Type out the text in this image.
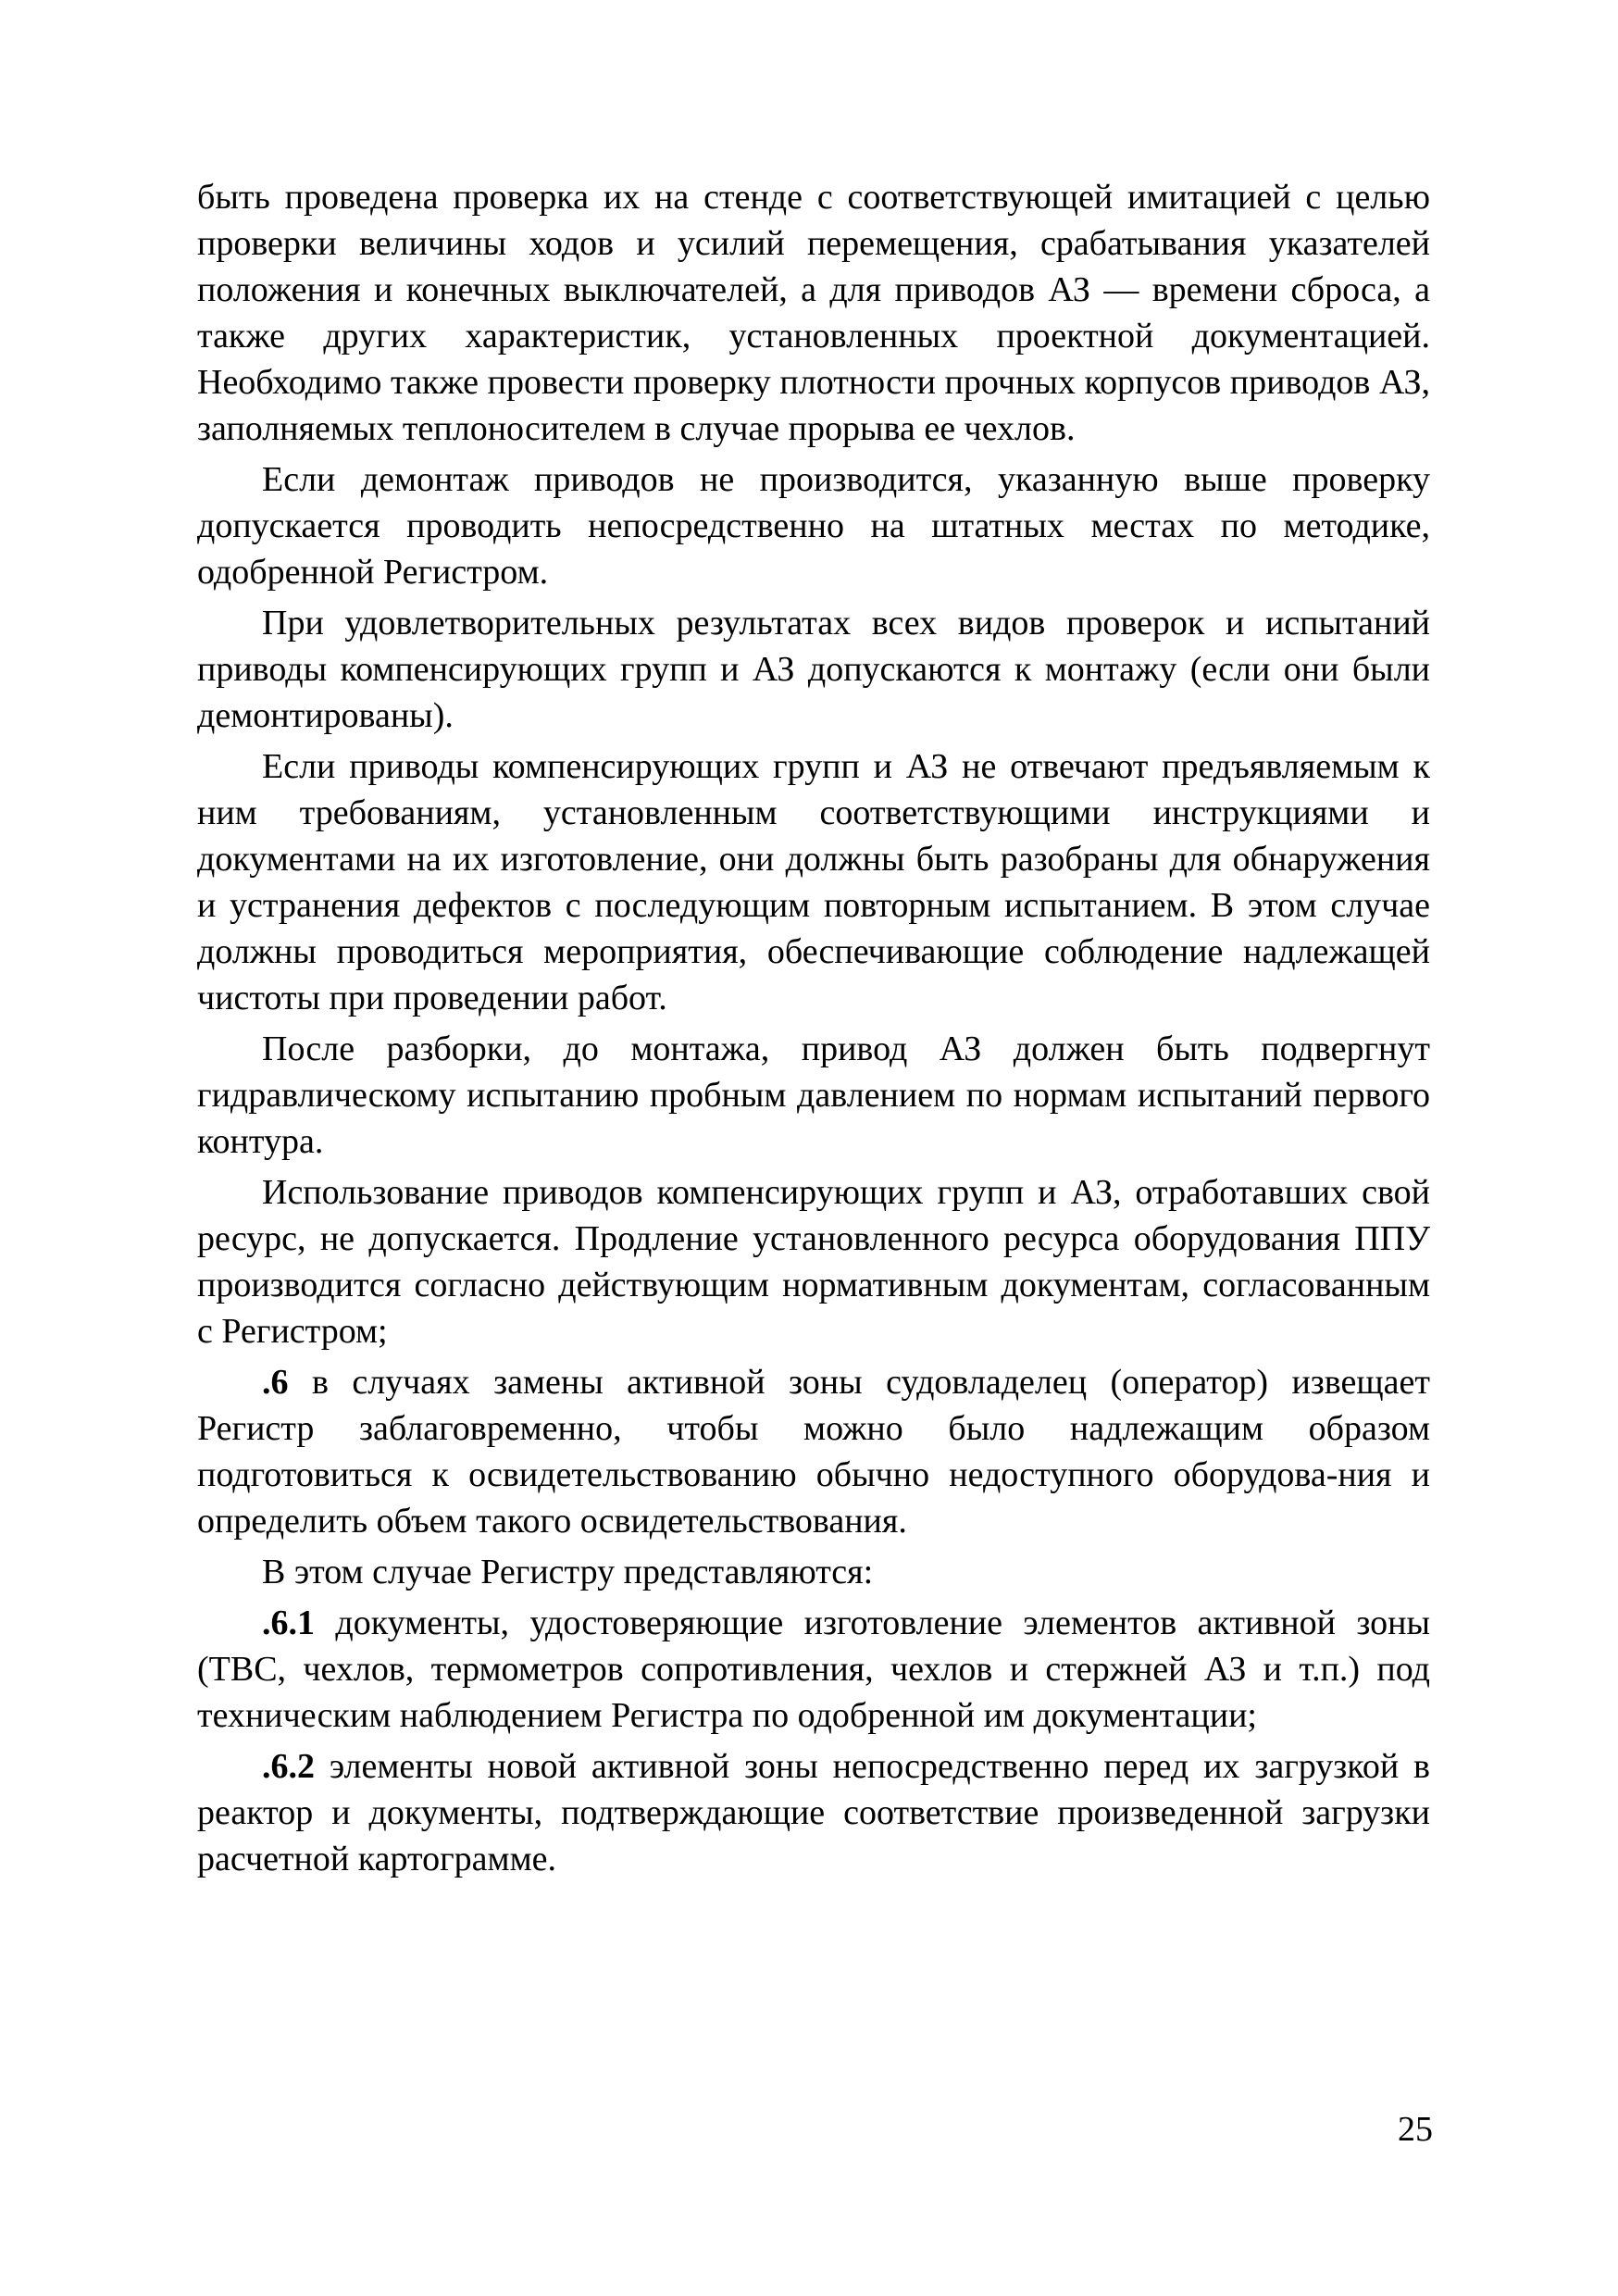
быть проведена проверка их на стенде с соответствующей имитацией с целью проверки величины ходов и усилий перемещения, срабатывания указателей положения и конечных выключателей, а для приводов АЗ — времени сброса, а также других характеристик, установленных проектной документацией. Необходимо также провести проверку плотности прочных корпусов приводов АЗ, заполняемых теплоносителем в случае прорыва ее чехлов.

Если демонтаж приводов не производится, указанную выше проверку допускается проводить непосредственно на штатных местах по методике, одобренной Регистром.

При удовлетворительных результатах всех видов проверок и испытаний приводы компенсирующих групп и АЗ допускаются к монтажу (если они были демонтированы).

Если приводы компенсирующих групп и АЗ не отвечают предъявляемым к ним требованиям, установленным соответствующими инструкциями и документами на их изготовление, они должны быть разобраны для обнаружения и устранения дефектов с последующим повторным испытанием. В этом случае должны проводиться мероприятия, обеспечивающие соблюдение надлежащей чистоты при проведении работ.

После разборки, до монтажа, привод АЗ должен быть подвергнут гидравлическому испытанию пробным давлением по нормам испытаний первого контура.

Использование приводов компенсирующих групп и АЗ, отработавших свой ресурс, не допускается. Продление установленного ресурса оборудования ППУ производится согласно действующим нормативным документам, согласованным с Регистром;

.6 в случаях замены активной зоны судовладелец (оператор) извещает Регистр заблаговременно, чтобы можно было надлежащим образом подготовиться к освидетельствованию обычно недоступного оборудова-ния и определить объем такого освидетельствования.

В этом случае Регистру представляются:

.6.1 документы, удостоверяющие изготовление элементов активной зоны (ТВС, чехлов, термометров сопротивления, чехлов и стержней АЗ и т.п.) под техническим наблюдением Регистра по одобренной им документации;

.6.2 элементы новой активной зоны непосредственно перед их загрузкой в реактор и документы, подтверждающие соответствие произведенной загрузки расчетной картограмме.

25
